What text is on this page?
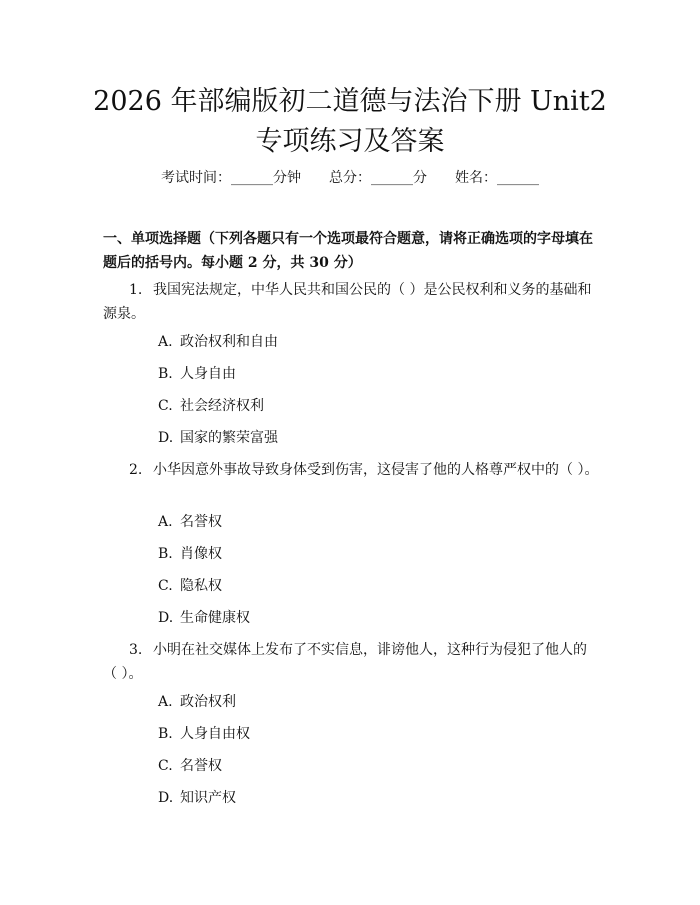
2026 年部编版初二道德与法治下册 Unit2 专项练习及答案
考试时间：______分钟 总分：______分 姓名：______

一、单项选择题（下列各题只有一个选项最符合题意，请将正确选项的字母填在题后的括号内。每小题 2 分，共 30 分）

1. 我国宪法规定，中华人民共和国公民的（ ）是公民权利和义务的基础和源泉。

A. 政治权利和自由
B. 人身自由
C. 社会经济权利
D. 国家的繁荣富强

2. 小华因意外事故导致身体受到伤害，这侵害了他的人格尊严权中的（ ）。

A. 名誉权
B. 肖像权
C. 隐私权
D. 生命健康权

3. 小明在社交媒体上发布了不实信息，诽谤他人，这种行为侵犯了他人的（ ）。

A. 政治权利
B. 人身自由权
C. 名誉权
D. 知识产权
